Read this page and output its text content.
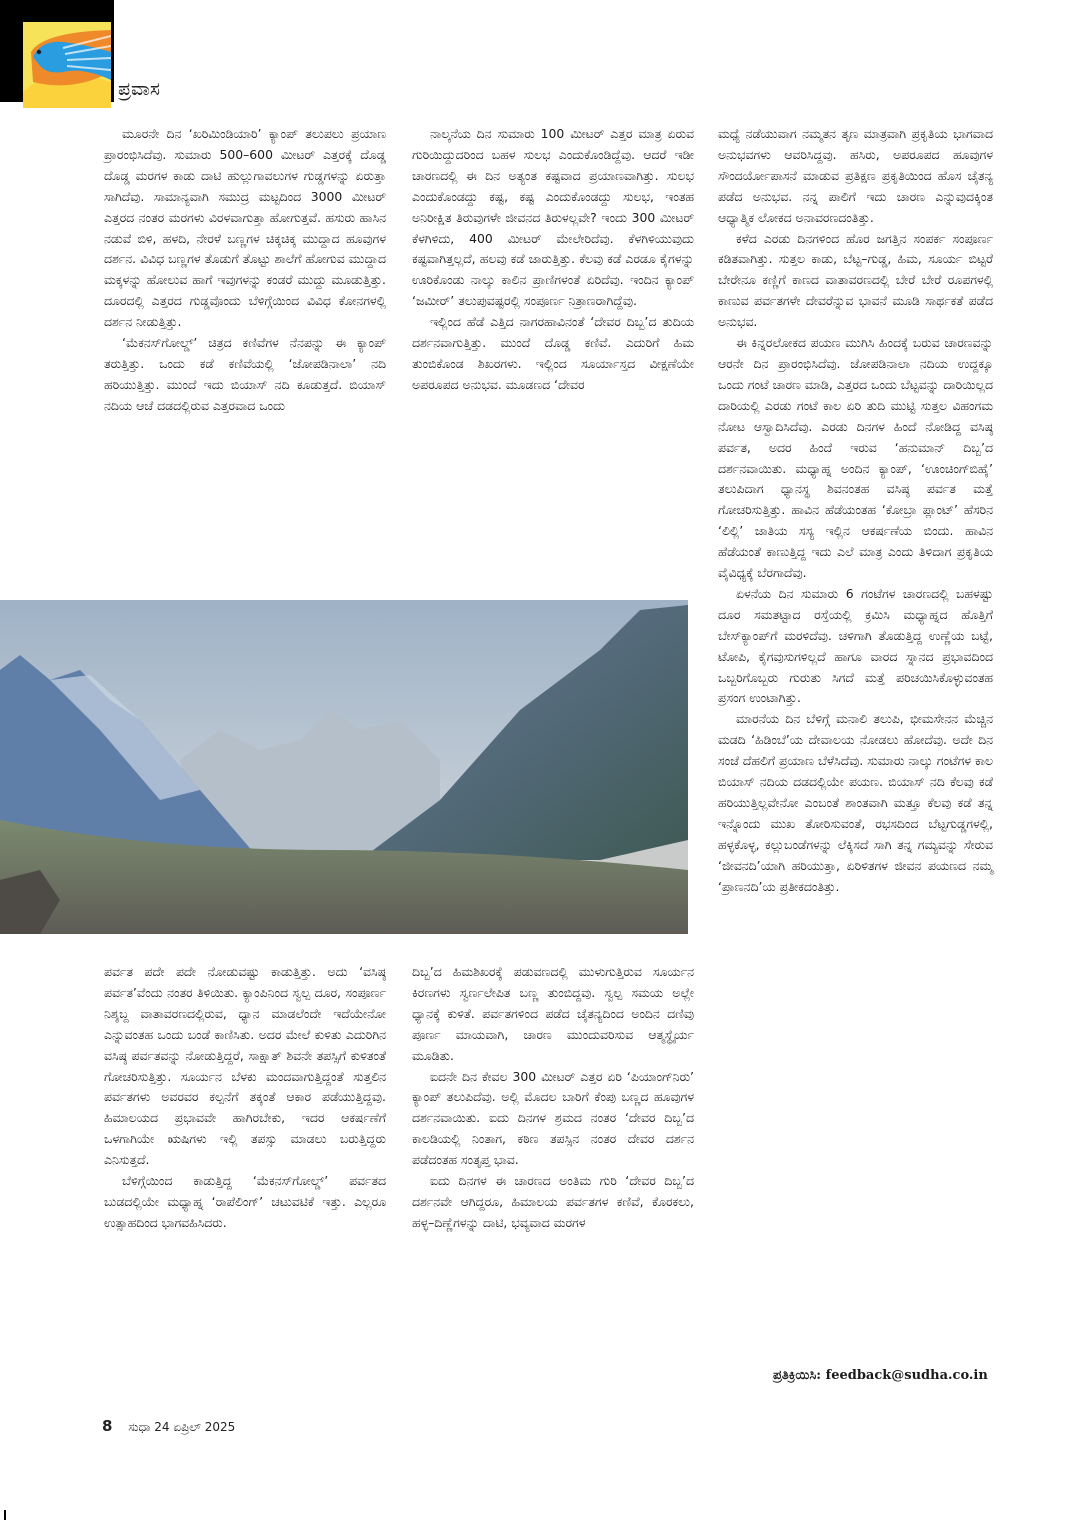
ಪ್ರವಾಸ

ಮೂರನೇ ದಿನ ‘ಖರಿಮಿಂಡಿಯಾರಿ’ ಕ್ಯಾಂಪ್ ತಲುಪಲು ಪ್ರಯಾಣ ಪ್ರಾರಂಭಿಸಿದೆವು. ಸುಮಾರು 500–600 ಮೀಟರ್ ಎತ್ತರಕ್ಕೆ ದೊಡ್ಡ ದೊಡ್ಡ ಮರಗಳ ಕಾಡು ದಾಟಿ ಹುಲ್ಲುಗಾವಲುಗಳ ಗುಡ್ಡಗಳನ್ನು ಏರುತ್ತಾ ಸಾಗಿದೆವು. ಸಾಮಾನ್ಯವಾಗಿ ಸಮುದ್ರ ಮಟ್ಟದಿಂದ 3000 ಮೀಟರ್ ಎತ್ತರದ ನಂತರ ಮರಗಳು ವಿರಳವಾಗುತ್ತಾ ಹೋಗುತ್ತವೆ. ಹಸುರು ಹಾಸಿನ ನಡುವೆ ಬಿಳಿ, ಹಳದಿ, ನೇರಳೆ ಬಣ್ಣಗಳ ಚಿಕ್ಕಚಿಕ್ಕ ಮುದ್ದಾದ ಹೂವುಗಳ ದರ್ಶನ. ವಿವಿಧ ಬಣ್ಣಗಳ ತೊಡುಗೆ ತೊಟ್ಟು ಶಾಲೆಗೆ ಹೋಗುವ ಮುದ್ದಾದ ಮಕ್ಕಳನ್ನು ಹೋಲುವ ಹಾಗೆ ಇವುಗಳನ್ನು ಕಂಡರೆ ಮುದ್ದು ಮೂಡುತ್ತಿತ್ತು. ದೂರದಲ್ಲಿ ಎತ್ತರದ ಗುಡ್ಡವೊಂದು ಬೆಳಿಗ್ಗೆಯಿಂದ ವಿವಿಧ ಕೋನಗಳಲ್ಲಿ ದರ್ಶನ ನೀಡುತ್ತಿತ್ತು.

‘ಮೆಕನಸ್‌ಗೋಲ್ಡ್’ ಚಿತ್ರದ ಕಣಿವೆಗಳ ನೆನಪನ್ನು ಈ ಕ್ಯಾಂಪ್ ತರುತ್ತಿತ್ತು. ಒಂದು ಕಡೆ ಕಣಿವೆಯಲ್ಲಿ ‘ಜೋಪಡಿನಾಲಾ’ ನದಿ ಹರಿಯುತ್ತಿತ್ತು. ಮುಂದೆ ಇದು ಬಿಯಾಸ್ ನದಿ ಕೂಡುತ್ತದೆ. ಬಿಯಾಸ್ ನದಿಯ ಆಚೆ ದಡದಲ್ಲಿರುವ ಎತ್ತರವಾದ ಒಂದು

ನಾಲ್ಕನೆಯ ದಿನ ಸುಮಾರು 100 ಮೀಟರ್ ಎತ್ತರ ಮಾತ್ರ ಏರುವ ಗುರಿಯಿದ್ದುದರಿಂದ ಬಹಳ ಸುಲಭ ಎಂದುಕೊಂಡಿದ್ದೆವು. ಆದರೆ ಇಡೀ ಚಾರಣದಲ್ಲಿ ಈ ದಿನ ಅತ್ಯಂತ ಕಷ್ಟವಾದ ಪ್ರಯಾಣವಾಗಿತ್ತು. ಸುಲಭ ಎಂದುಕೊಂಡದ್ದು ಕಷ್ಟ, ಕಷ್ಟ ಎಂದುಕೊಂಡದ್ದು ಸುಲಭ, ಇಂತಹ ಅನಿರೀಕ್ಷಿತ ತಿರುವುಗಳೇ ಜೀವನದ ತಿರುಳಲ್ಲವೇ? ಇಂದು 300 ಮೀಟರ್ ಕೆಳಗಿಳಿದು, 400 ಮೀಟರ್ ಮೇಲೇರಿದೆವು. ಕೆಳಗಿಳಿಯುವುದು ಕಷ್ಟವಾಗಿತ್ತಲ್ಲದೆ, ಹಲವು ಕಡೆ ಜಾರುತ್ತಿತ್ತು. ಕೆಲವು ಕಡೆ ಎರಡೂ ಕೈಗಳನ್ನು ಊರಿಕೊಂಡು ನಾಲ್ಕು ಕಾಲಿನ ಪ್ರಾಣಿಗಳಂತೆ ಏರಿದೆವು. ಇಂದಿನ ಕ್ಯಾಂಪ್ ‘ಜಮೀರ್’ ತಲುಪುವಷ್ಟರಲ್ಲಿ ಸಂಪೂರ್ಣ ನಿತ್ರಾಣರಾಗಿದ್ದೆವು.

ಇಲ್ಲಿಂದ ಹೆಡೆ ಎತ್ತಿದ ನಾಗರಹಾವಿನಂತೆ ‘ದೇವರ ದಿಬ್ಬ’ದ ತುದಿಯ ದರ್ಶನವಾಗುತ್ತಿತ್ತು. ಮುಂದೆ ದೊಡ್ಡ ಕಣಿವೆ. ಎದುರಿಗೆ ಹಿಮ ತುಂಬಿಕೊಂಡ ಶಿಖರಗಳು. ಇಲ್ಲಿಂದ ಸೂರ್ಯಾಸ್ತದ ವೀಕ್ಷಣೆಯೇ ಅಪರೂಪದ ಅನುಭವ. ಮೂಡಣದ ‘ದೇವರ

ಮಧ್ಯೆ ನಡೆಯುವಾಗ ನಮ್ಮತನ ತೃಣ ಮಾತ್ರವಾಗಿ ಪ್ರಕೃತಿಯ ಭಾಗವಾದ ಅನುಭವಗಳು ಆವರಿಸಿದ್ದವು. ಹಸಿರು, ಅಪರೂಪದ ಹೂವುಗಳ ಸೌಂದರ್ಯೋಪಾಸನೆ ಮಾಡುವ ಪ್ರತಿಕ್ಷಣ ಪ್ರಕೃತಿಯಿಂದ ಹೊಸ ಚೈತನ್ಯ ಪಡೆದ ಅನುಭವ. ನನ್ನ ಪಾಲಿಗೆ ಇದು ಚಾರಣ ಎನ್ನುವುದಕ್ಕಿಂತ ಆಧ್ಯಾತ್ಮಿಕ ಲೋಕದ ಅನಾವರಣದಂತಿತ್ತು.

ಕಳೆದ ಎರಡು ದಿನಗಳಿಂದ ಹೊರ ಜಗತ್ತಿನ ಸಂಪರ್ಕ ಸಂಪೂರ್ಣ ಕಡಿತವಾಗಿತ್ತು. ಸುತ್ತಲ ಕಾಡು, ಬೆಟ್ಟ–ಗುಡ್ಡ, ಹಿಮ, ಸೂರ್ಯ ಬಿಟ್ಟರೆ ಬೇರೇನೂ ಕಣ್ಣಿಗೆ ಕಾಣದ ವಾತಾವರಣದಲ್ಲಿ ಬೇರೆ ಬೇರೆ ರೂಪಗಳಲ್ಲಿ ಕಾಣುವ ಪರ್ವತಗಳೇ ದೇವರೆನ್ನುವ ಭಾವನೆ ಮೂಡಿ ಸಾರ್ಥಕತೆ ಪಡೆದ ಅನುಭವ.

ಈ ಕಿನ್ನರಲೋಕದ ಪಯಣ ಮುಗಿಸಿ ಹಿಂದಕ್ಕೆ ಬರುವ ಚಾರಣವನ್ನು ಆರನೇ ದಿನ ಪ್ರಾರಂಭಿಸಿದೆವು. ಜೋಪಡಿನಾಲಾ ನದಿಯ ಉದ್ದಕ್ಕೂ ಒಂದು ಗಂಟೆ ಚಾರಣ ಮಾಡಿ, ಎತ್ತರದ ಒಂದು ಬೆಟ್ಟವನ್ನು ದಾರಿಯಿಲ್ಲದ ದಾರಿಯಲ್ಲಿ ಎರಡು ಗಂಟೆ ಕಾಲ ಏರಿ ತುದಿ ಮುಟ್ಟಿ ಸುತ್ತಲ ವಿಹಂಗಮ ನೋಟ ಆಸ್ವಾದಿಸಿದೆವು. ಎರಡು ದಿನಗಳ ಹಿಂದೆ ನೋಡಿದ್ದ ವಸಿಷ್ಠ ಪರ್ವತ, ಅದರ ಹಿಂದೆ ಇರುವ ‘ಹನುಮಾನ್ ದಿಬ್ಬ’ದ ದರ್ಶನವಾಯಿತು. ಮಧ್ಯಾಹ್ನ ಅಂದಿನ ಕ್ಯಾಂಪ್, ‘ಊಂಚಿಂಗ್‌ಬಿಹೈ’ ತಲುಪಿದಾಗ ಧ್ಯಾನಸ್ಥ ಶಿವನಂತಹ ವಸಿಷ್ಠ ಪರ್ವತ ಮತ್ತೆ ಗೋಚರಿಸುತ್ತಿತ್ತು. ಹಾವಿನ ಹೆಡೆಯಂತಹ ‘ಕೋಬ್ರಾ ಪ್ಲಾಂಟ್’ ಹೆಸರಿನ ‘ಲಿಲ್ಲಿ’ ಜಾತಿಯ ಸಸ್ಯ ಇಲ್ಲಿನ ಆಕರ್ಷಣೆಯ ಬಿಂದು. ಹಾವಿನ ಹೆಡೆಯಂತೆ ಕಾಣುತ್ತಿದ್ದ ಇದು ಎಲೆ ಮಾತ್ರ ಎಂದು ತಿಳಿದಾಗ ಪ್ರಕೃತಿಯ ವೈವಿಧ್ಯಕ್ಕೆ ಬೆರಗಾದೆವು.

ಏಳನೆಯ ದಿನ ಸುಮಾರು 6 ಗಂಟೆಗಳ ಚಾರಣದಲ್ಲಿ ಬಹಳಷ್ಟು ದೂರ ಸಮತಟ್ಟಾದ ರಸ್ತೆಯಲ್ಲಿ ಕ್ರಮಿಸಿ ಮಧ್ಯಾಹ್ನದ ಹೊತ್ತಿಗೆ ಬೇಸ್‌ಕ್ಯಾಂಪ್‌ಗೆ ಮರಳಿದೆವು. ಚಳಿಗಾಗಿ ತೊಡುತ್ತಿದ್ದ ಉಣ್ಣೆಯ ಬಟ್ಟೆ, ಟೋಪಿ, ಕೈಗವುಸುಗಳಿಲ್ಲದೆ ಹಾಗೂ ವಾರದ ಸ್ನಾನದ ಪ್ರಭಾವದಿಂದ ಒಬ್ಬರಿಗೊಬ್ಬರು ಗುರುತು ಸಿಗದೆ ಮತ್ತೆ ಪರಿಚಯಿಸಿಕೊಳ್ಳುವಂತಹ ಪ್ರಸಂಗ ಉಂಟಾಗಿತ್ತು.

ಮಾರನೆಯ ದಿನ ಬೆಳಿಗ್ಗೆ ಮನಾಲಿ ತಲುಪಿ, ಭೀಮಸೇನನ ಮೆಚ್ಚಿನ ಮಡದಿ ‘ಹಿಡಿಂಬೆ’ಯ ದೇವಾಲಯ ನೋಡಲು ಹೋದೆವು. ಅದೇ ದಿನ ಸಂಜೆ ದೆಹಲಿಗೆ ಪ್ರಯಾಣ ಬೆಳೆಸಿದೆವು. ಸುಮಾರು ನಾಲ್ಕು ಗಂಟೆಗಳ ಕಾಲ ಬಿಯಾಸ್ ನದಿಯ ದಡದಲ್ಲಿಯೇ ಪಯಣ. ಬಿಯಾಸ್ ನದಿ ಕೆಲವು ಕಡೆ ಹರಿಯುತ್ತಿಲ್ಲವೇನೋ ಎಂಬಂತೆ ಶಾಂತವಾಗಿ ಮತ್ತೂ ಕೆಲವು ಕಡೆ ತನ್ನ ಇನ್ನೊಂದು ಮುಖ ತೋರಿಸುವಂತೆ, ರಭಸದಿಂದ ಬೆಟ್ಟಗುಡ್ಡಗಳಲ್ಲಿ, ಹಳ್ಳಕೊಳ್ಳ, ಕಲ್ಲುಬಂಡೆಗಳನ್ನು ಲೆಕ್ಕಿಸದೆ ಸಾಗಿ ತನ್ನ ಗಮ್ಯವನ್ನು ಸೇರುವ ‘ಜೀವನದಿ’ಯಾಗಿ ಹರಿಯುತ್ತಾ, ಏರಿಳಿತಗಳ ಜೀವನ ಪಯಣದ ನಮ್ಮ ‘ಪ್ರಾಣನದಿ’ಯ ಪ್ರತೀಕದಂತಿತ್ತು.

ಪರ್ವತ ಪದೇ ಪದೇ ನೋಡುವಷ್ಟು ಕಾಡುತ್ತಿತ್ತು. ಅದು ‘ವಸಿಷ್ಠ ಪರ್ವತ’ವೆಂದು ನಂತರ ತಿಳಿಯಿತು. ಕ್ಯಾಂಪಿನಿಂದ ಸ್ವಲ್ಪ ದೂರ, ಸಂಪೂರ್ಣ ನಿಶ್ಶಬ್ದ ವಾತಾವರಣದಲ್ಲಿರುವ, ಧ್ಯಾನ ಮಾಡಲೆಂದೇ ಇದೆಯೇನೋ ಎನ್ನುವಂತಹ ಒಂದು ಬಂಡೆ ಕಾಣಿಸಿತು. ಅದರ ಮೇಲೆ ಕುಳಿತು ಎದುರಿಗಿನ ವಸಿಷ್ಠ ಪರ್ವತವನ್ನು ನೋಡುತ್ತಿದ್ದರೆ, ಸಾಕ್ಷಾತ್ ಶಿವನೇ ತಪಸ್ಸಿಗೆ ಕುಳಿತಂತೆ ಗೋಚರಿಸುತ್ತಿತ್ತು. ಸೂರ್ಯನ ಬೆಳಕು ಮಂದವಾಗುತ್ತಿದ್ದಂತೆ ಸುತ್ತಲಿನ ಪರ್ವತಗಳು ಅವರವರ ಕಲ್ಪನೆಗೆ ತಕ್ಕಂತೆ ಆಕಾರ ಪಡೆಯುತ್ತಿದ್ದವು. ಹಿಮಾಲಯದ ಪ್ರಭಾವವೇ ಹಾಗಿರಬೇಕು, ಇದರ ಆಕರ್ಷಣೆಗೆ ಒಳಗಾಗಿಯೇ ಋಷಿಗಳು ಇಲ್ಲಿ ತಪಸ್ಸು ಮಾಡಲು ಬರುತ್ತಿದ್ದರು ಎನಿಸುತ್ತದೆ.

ಬೆಳಿಗ್ಗೆಯಿಂದ ಕಾಡುತ್ತಿದ್ದ ‘ಮೆಕನಸ್‌ಗೋಲ್ಡ್’ ಪರ್ವತದ ಬುಡದಲ್ಲಿಯೇ ಮಧ್ಯಾಹ್ನ ‘ರಾಪೆಲಿಂಗ್’ ಚಟುವಟಿಕೆ ಇತ್ತು. ಎಲ್ಲರೂ ಉತ್ಸಾಹದಿಂದ ಭಾಗವಹಿಸಿದರು.

ದಿಬ್ಬ’ದ ಹಿಮಶಿಖರಕ್ಕೆ ಪಡುವಣದಲ್ಲಿ ಮುಳುಗುತ್ತಿರುವ ಸೂರ್ಯನ ಕಿರಣಗಳು ಸ್ವರ್ಣಲೇಪಿತ ಬಣ್ಣ ತುಂಬಿದ್ದವು. ಸ್ವಲ್ಪ ಸಮಯ ಅಲ್ಲೇ ಧ್ಯಾನಕ್ಕೆ ಕುಳಿತೆ. ಪರ್ವತಗಳಿಂದ ಪಡೆದ ಚೈತನ್ಯದಿಂದ ಅಂದಿನ ದಣಿವು ಪೂರ್ಣ ಮಾಯವಾಗಿ, ಚಾರಣ ಮುಂದುವರಿಸುವ ಆತ್ಮಸ್ಥೈರ್ಯ ಮೂಡಿತು.

ಐದನೇ ದಿನ ಕೇವಲ 300 ಮೀಟರ್ ಎತ್ತರ ಏರಿ ‘ಪಿಯಾಂಗ್‌ನಿರು’ ಕ್ಯಾಂಪ್ ತಲುಪಿದೆವು. ಅಲ್ಲಿ ಮೊದಲ ಬಾರಿಗೆ ಕೆಂಪು ಬಣ್ಣದ ಹೂವುಗಳ ದರ್ಶನವಾಯಿತು. ಐದು ದಿನಗಳ ಶ್ರಮದ ನಂತರ ‘ದೇವರ ದಿಬ್ಬ’ದ ಕಾಲಡಿಯಲ್ಲಿ ನಿಂತಾಗ, ಕಠಿಣ ತಪಸ್ಸಿನ ನಂತರ ದೇವರ ದರ್ಶನ ಪಡೆದಂತಹ ಸಂತೃಪ್ತ ಭಾವ.

ಐದು ದಿನಗಳ ಈ ಚಾರಣದ ಅಂತಿಮ ಗುರಿ ‘ದೇವರ ದಿಬ್ಬ’ದ ದರ್ಶನವೇ ಆಗಿದ್ದರೂ, ಹಿಮಾಲಯ ಪರ್ವತಗಳ ಕಣಿವೆ, ಕೊರಕಲು, ಹಳ್ಳ–ದಿಣ್ಣೆಗಳನ್ನು ದಾಟಿ, ಭವ್ಯವಾದ ಮರಗಳ

ಪ್ರತಿಕ್ರಿಯಿಸಿ: feedback@sudha.co.in
8 ಸುಧಾ 24 ಏಪ್ರಿಲ್ 2025
